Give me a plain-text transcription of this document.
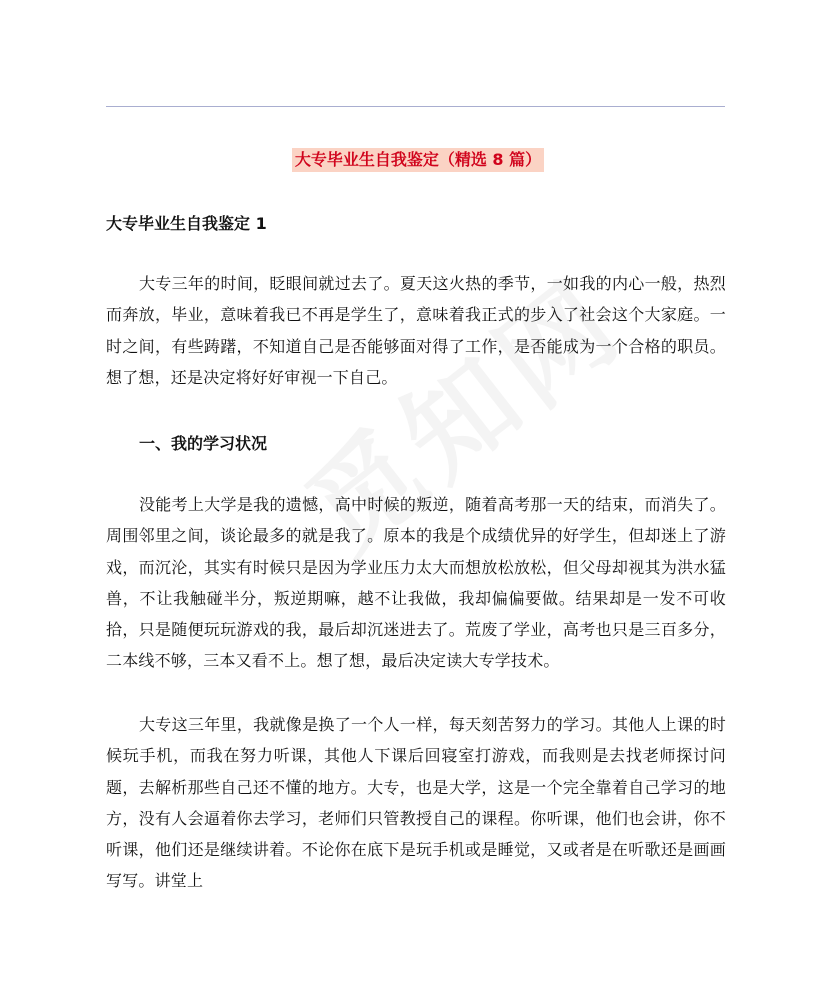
大专毕业生自我鉴定（精选 8 篇）
大专毕业生自我鉴定 1

大专三年的时间，眨眼间就过去了。夏天这火热的季节，一如我的内心一般，热烈而奔放，毕业，意味着我已不再是学生了，意味着我正式的步入了社会这个大家庭。一时之间，有些踌躇，不知道自己是否能够面对得了工作，是否能成为一个合格的职员。想了想，还是决定将好好审视一下自己。

一、我的学习状况

没能考上大学是我的遗憾，高中时候的叛逆，随着高考那一天的结束，而消失了。周围邻里之间，谈论最多的就是我了。原本的我是个成绩优异的好学生，但却迷上了游戏，而沉沦，其实有时候只是因为学业压力太大而想放松放松，但父母却视其为洪水猛兽，不让我触碰半分，叛逆期嘛，越不让我做，我却偏偏要做。结果却是一发不可收拾，只是随便玩玩游戏的我，最后却沉迷进去了。荒废了学业，高考也只是三百多分，二本线不够，三本又看不上。想了想，最后决定读大专学技术。

大专这三年里，我就像是换了一个人一样，每天刻苦努力的学习。其他人上课的时候玩手机，而我在努力听课，其他人下课后回寝室打游戏，而我则是去找老师探讨问题，去解析那些自己还不懂的地方。大专，也是大学，这是一个完全靠着自己学习的地方，没有人会逼着你去学习，老师们只管教授自己的课程。你听课，他们也会讲，你不听课，他们还是继续讲着。不论你在底下是玩手机或是睡觉，又或者是在听歌还是画画写写。讲堂上
